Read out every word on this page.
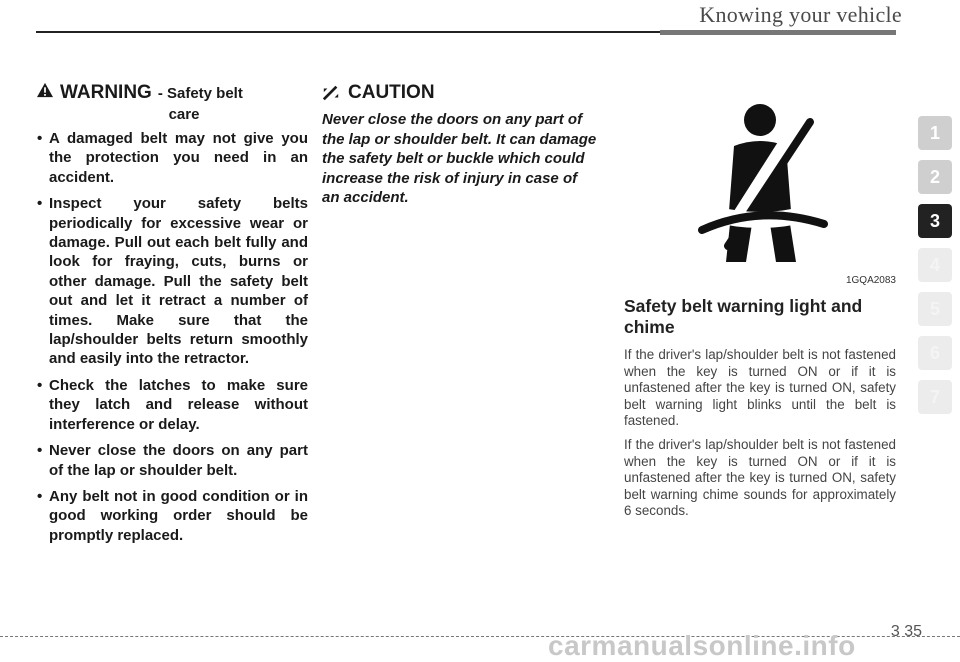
Knowing your vehicle
WARNING - Safety belt
care
• A damaged belt may not give you the protection you need in an accident.
• Inspect your safety belts periodically for excessive wear or damage. Pull out each belt fully and look for fraying, cuts, burns or other damage. Pull the safety belt out and let it retract a number of times. Make sure that the lap/shoulder belts return smoothly and easily into the retractor.
• Check the latches to make sure they latch and release without interference or delay.
• Never close the doors on any part of the lap or shoulder belt.
• Any belt not in good condition or in good working order should be promptly replaced.
CAUTION

Never close the doors on any part of the lap or shoulder belt. It can damage the safety belt or buckle which could increase the risk of injury in case of an accident.

1GQA2083
Safety belt warning light and chime

If the driver's lap/shoulder belt is not fastened when the key is turned ON or if it is unfastened after the key is turned ON, safety belt warning light blinks until the belt is fastened.

If the driver's lap/shoulder belt is not fastened when the key is turned ON or if it is unfastened after the key is turned ON, safety belt warning chime sounds for approximately 6 seconds.

1
2
3
4
5
6
7
carmanualsonline.info 3 35
